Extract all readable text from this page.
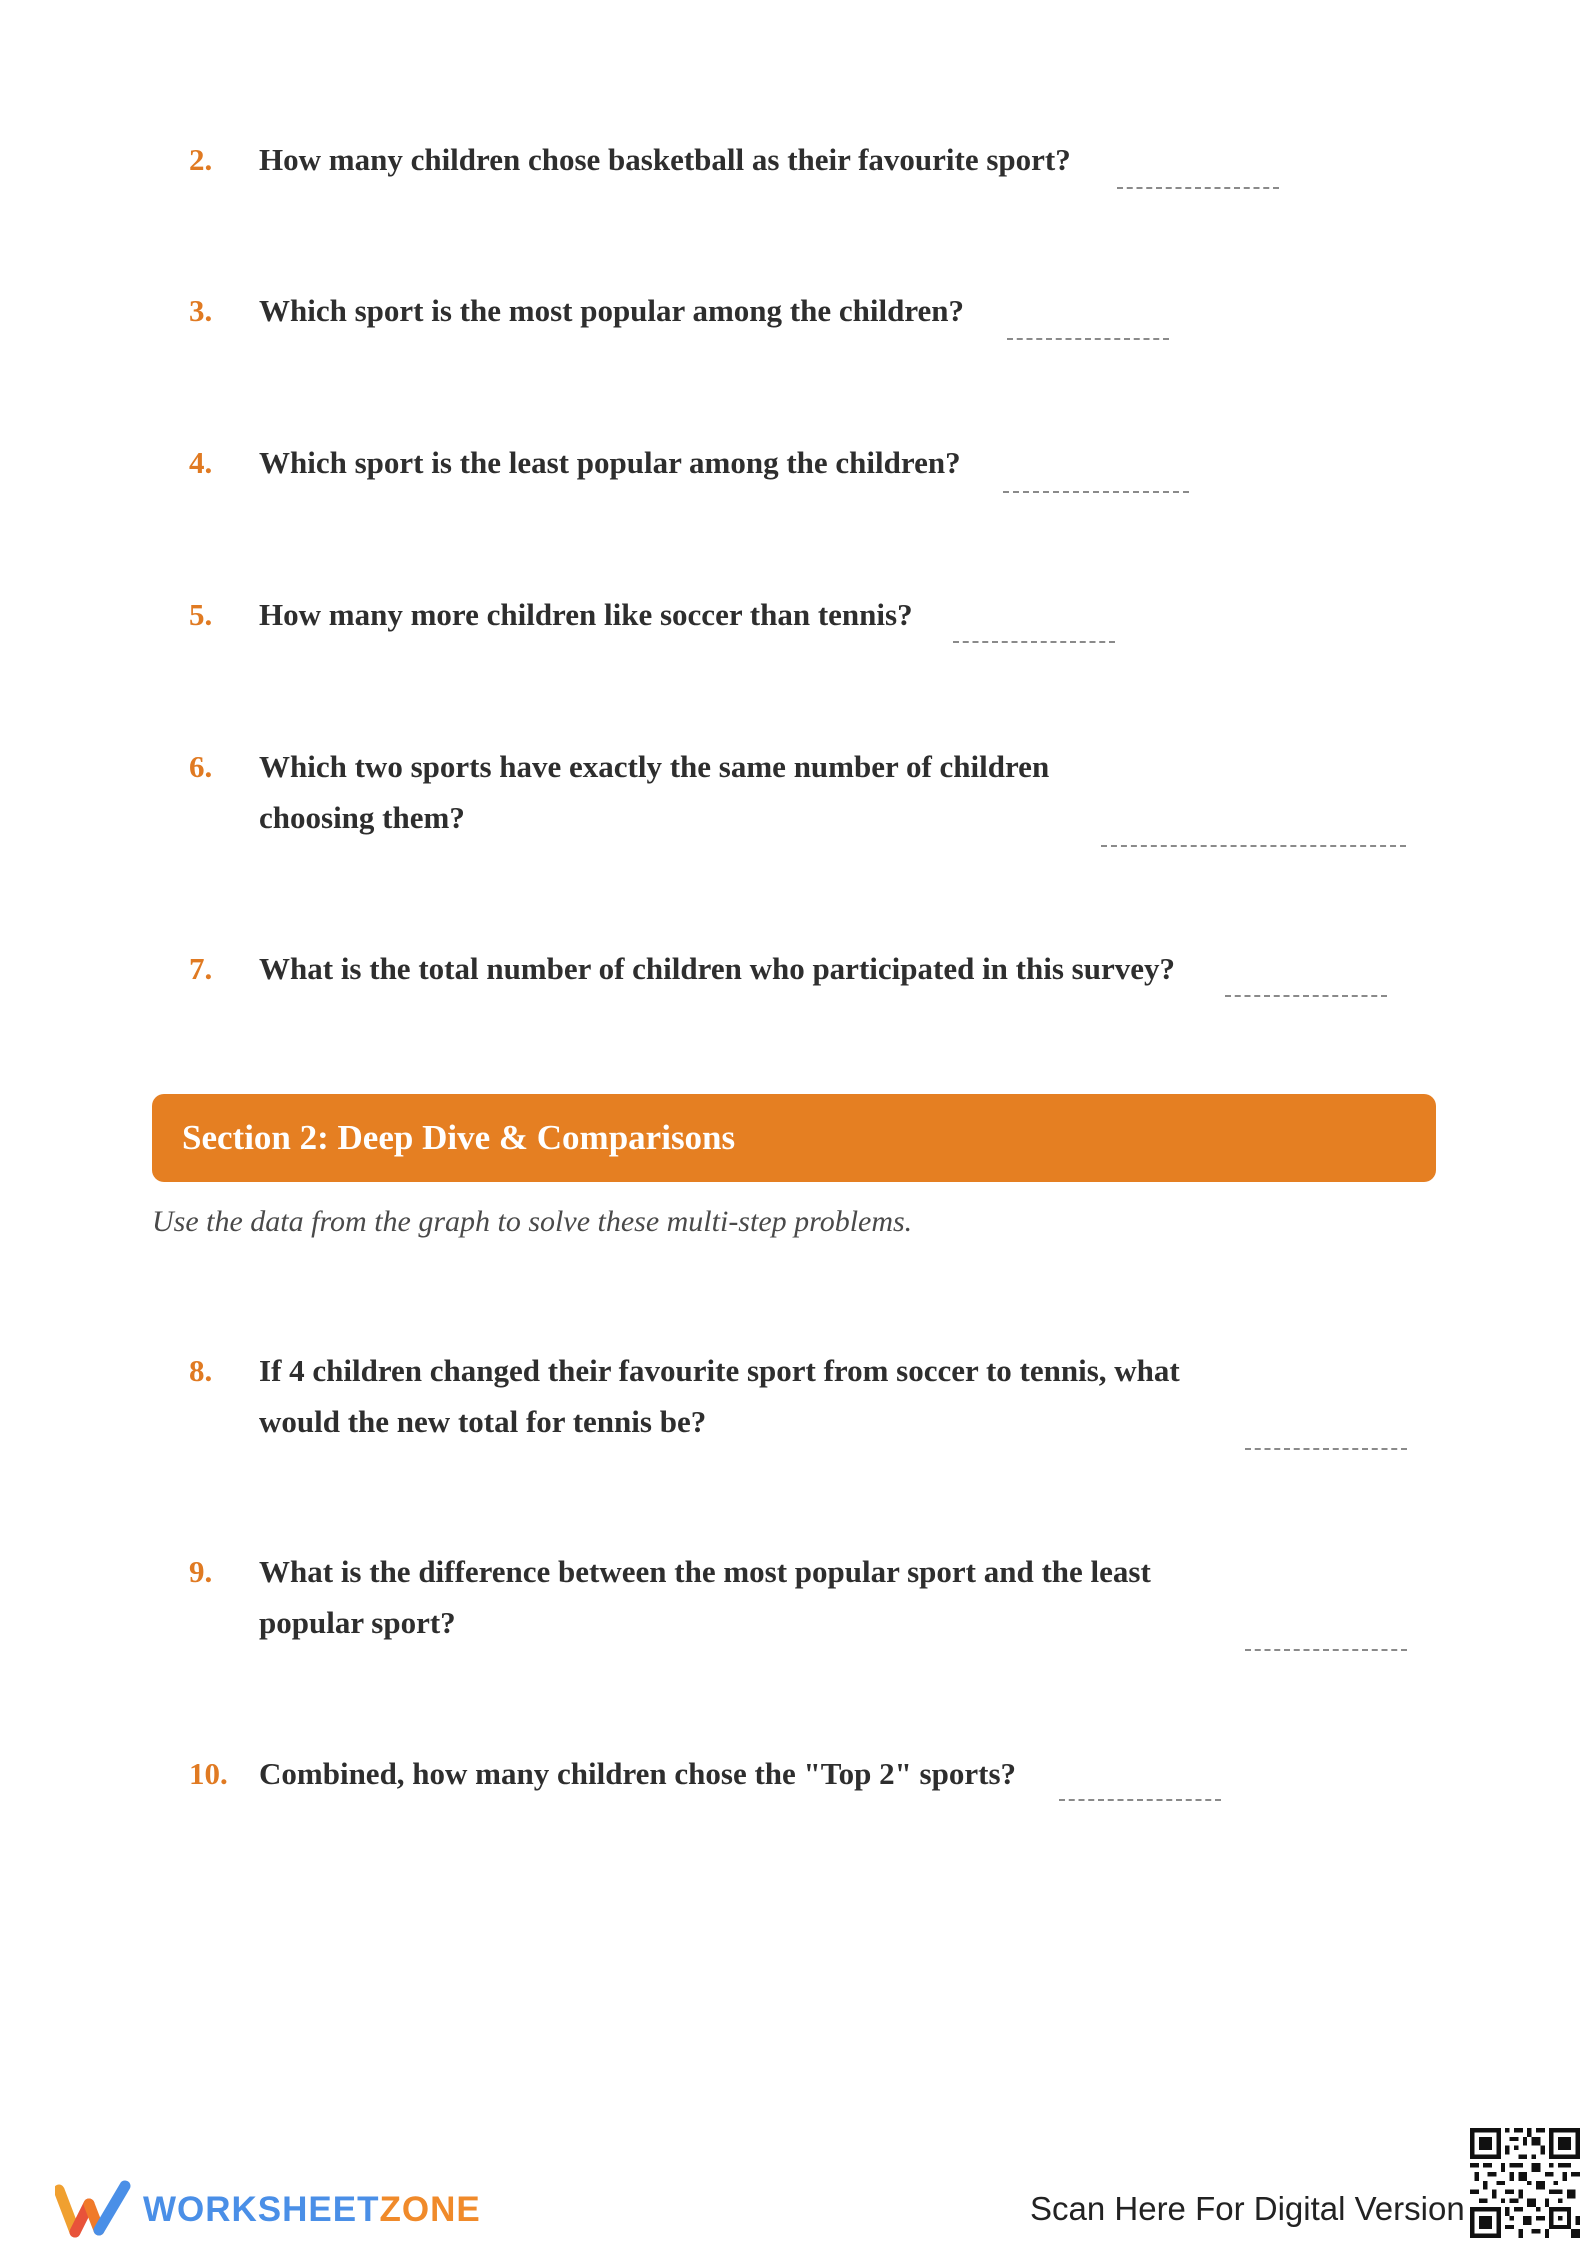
2.	How many children chose basketball as their favourite sport?
3.	Which sport is the most popular among the children?
4.	Which sport is the least popular among the children?
5.	How many more children like soccer than tennis?
6.	Which two sports have exactly the same number of children
choosing them?
7.	What is the total number of children who participated in this survey?
Section 2: Deep Dive & Comparisons
Use the data from the graph to solve these multi-step problems.
8.	If 4 children changed their favourite sport from soccer to tennis, what
would the new total for tennis be?
9.	What is the difference between the most popular sport and the least
popular sport?
10.	Combined, how many children chose the "Top 2" sports?
WORKSHEETZONE	Scan Here For Digital Version
